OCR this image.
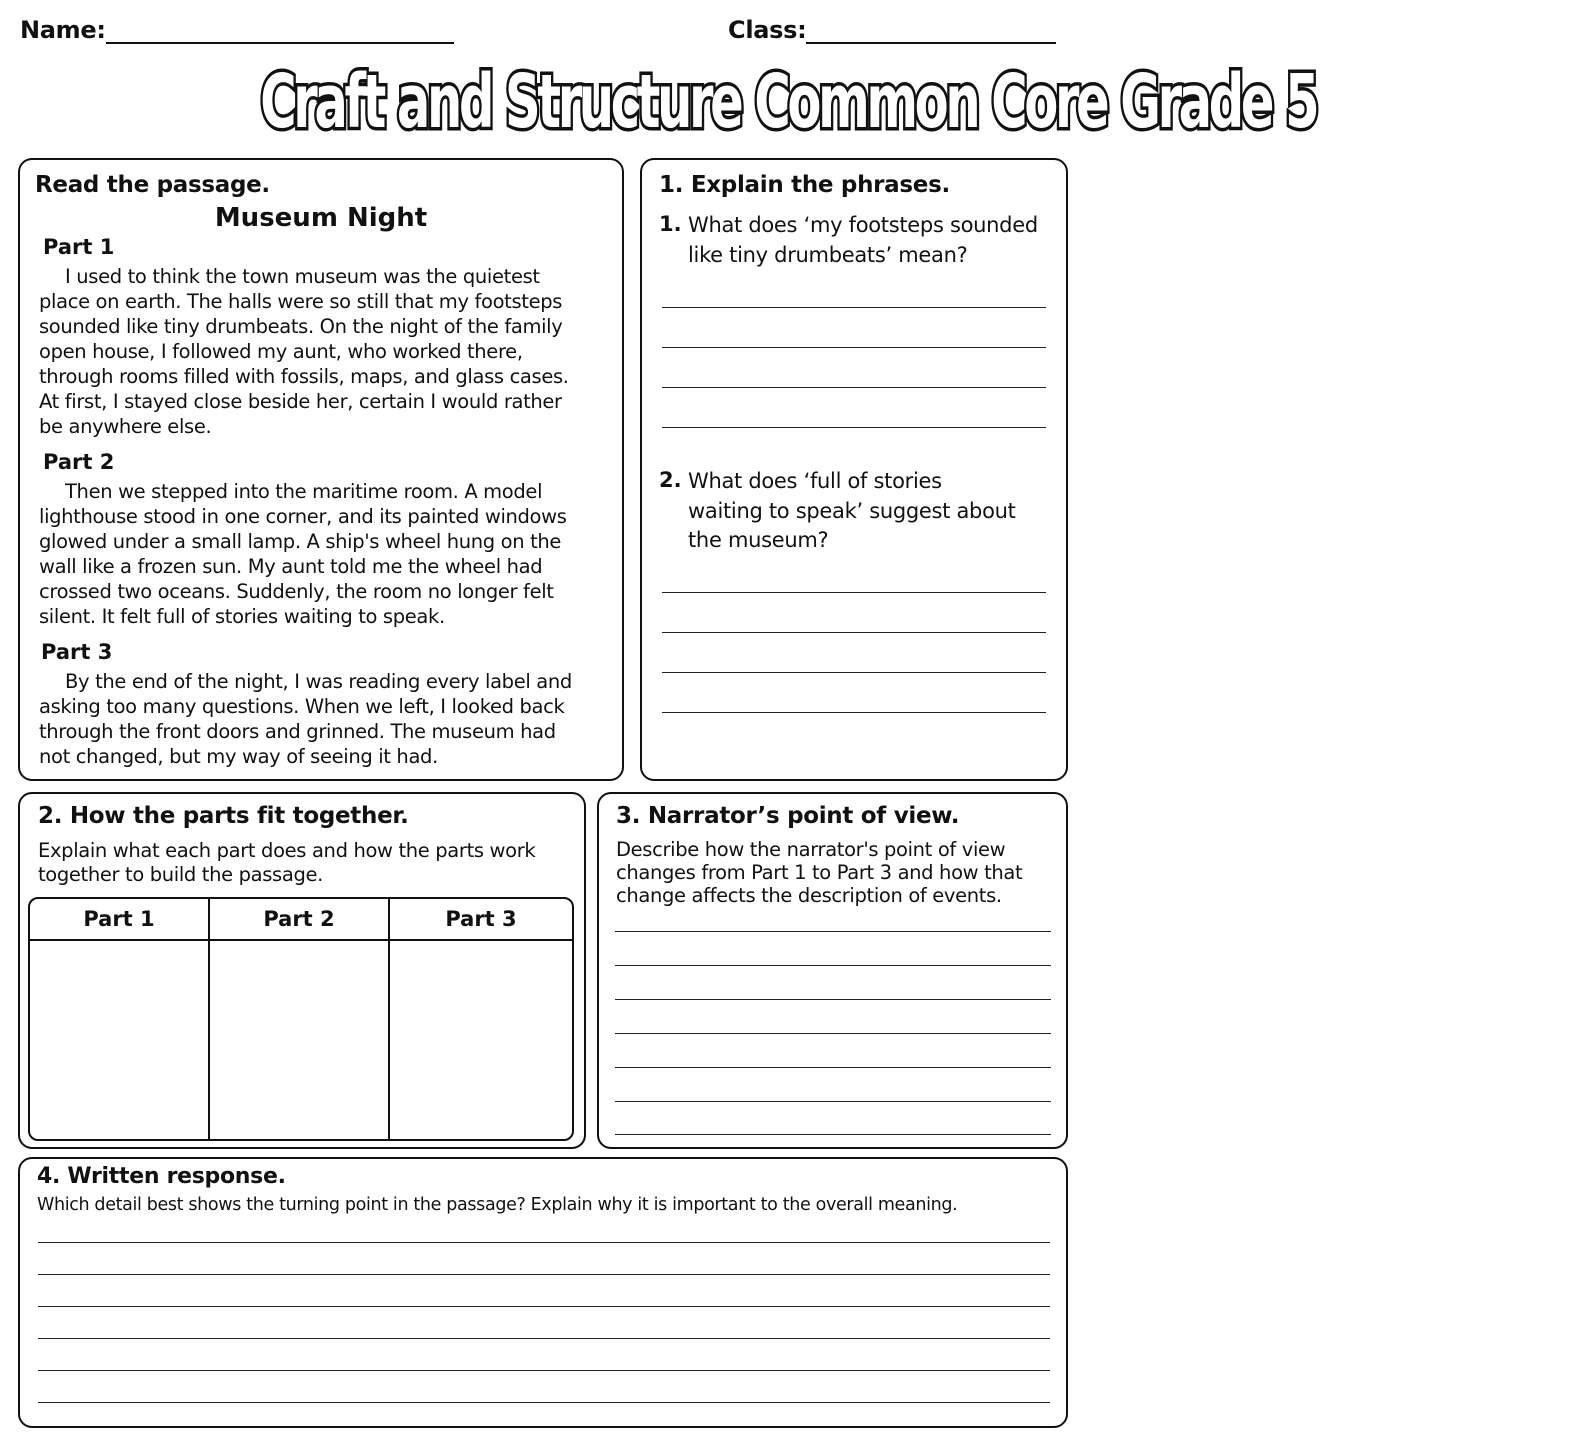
Name:	Class:
Craft and Structure Common Core Grade 5
Read the passage.
Museum Night
Part 1
I used to think the town museum was the quietest
place on earth. The halls were so still that my footsteps
sounded like tiny drumbeats. On the night of the family
open house, I followed my aunt, who worked there,
through rooms filled with fossils, maps, and glass cases.
At first, I stayed close beside her, certain I would rather
be anywhere else.
Part 2
Then we stepped into the maritime room. A model
lighthouse stood in one corner, and its painted windows
glowed under a small lamp. A ship's wheel hung on the
wall like a frozen sun. My aunt told me the wheel had
crossed two oceans. Suddenly, the room no longer felt
silent. It felt full of stories waiting to speak.
Part 3
By the end of the night, I was reading every label and
asking too many questions. When we left, I looked back
through the front doors and grinned. The museum had
not changed, but my way of seeing it had.
1. Explain the phrases.
1. What does ‘my footsteps sounded
like tiny drumbeats’ mean?
2. What does ‘full of stories
waiting to speak’ suggest about
the museum?
2. How the parts fit together.
Explain what each part does and how the parts work
together to build the passage.
Part 1	Part 2	Part 3
3. Narrator’s point of view.
Describe how the narrator's point of view
changes from Part 1 to Part 3 and how that
change affects the description of events.
4. Written response.
Which detail best shows the turning point in the passage? Explain why it is important to the overall meaning.
